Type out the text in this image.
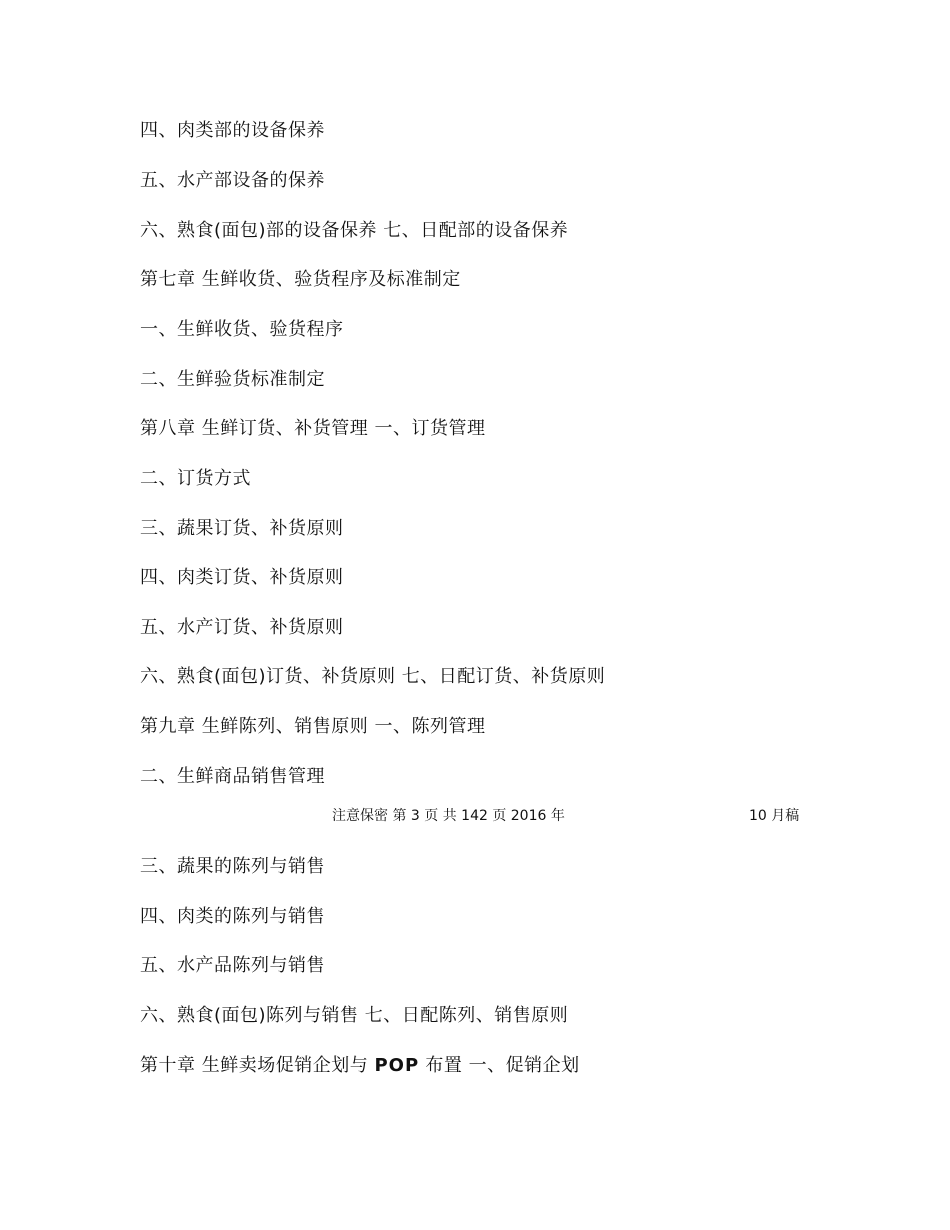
四、肉类部的设备保养
五、水产部设备的保养
六、熟食(面包)部的设备保养 七、日配部的设备保养
第七章 生鲜收货、验货程序及标准制定
一、生鲜收货、验货程序
二、生鲜验货标准制定
第八章 生鲜订货、补货管理 一、订货管理
二、订货方式
三、蔬果订货、补货原则
四、肉类订货、补货原则
五、水产订货、补货原则
六、熟食(面包)订货、补货原则 七、日配订货、补货原则
第九章 生鲜陈列、销售原则 一、陈列管理
二、生鲜商品销售管理
注意保密 第 3 页 共 142 页 2016 年	10 月稿
三、蔬果的陈列与销售
四、肉类的陈列与销售
五、水产品陈列与销售
六、熟食(面包)陈列与销售 七、日配陈列、销售原则
第十章 生鲜卖场促销企划与 POP 布置 一、促销企划
